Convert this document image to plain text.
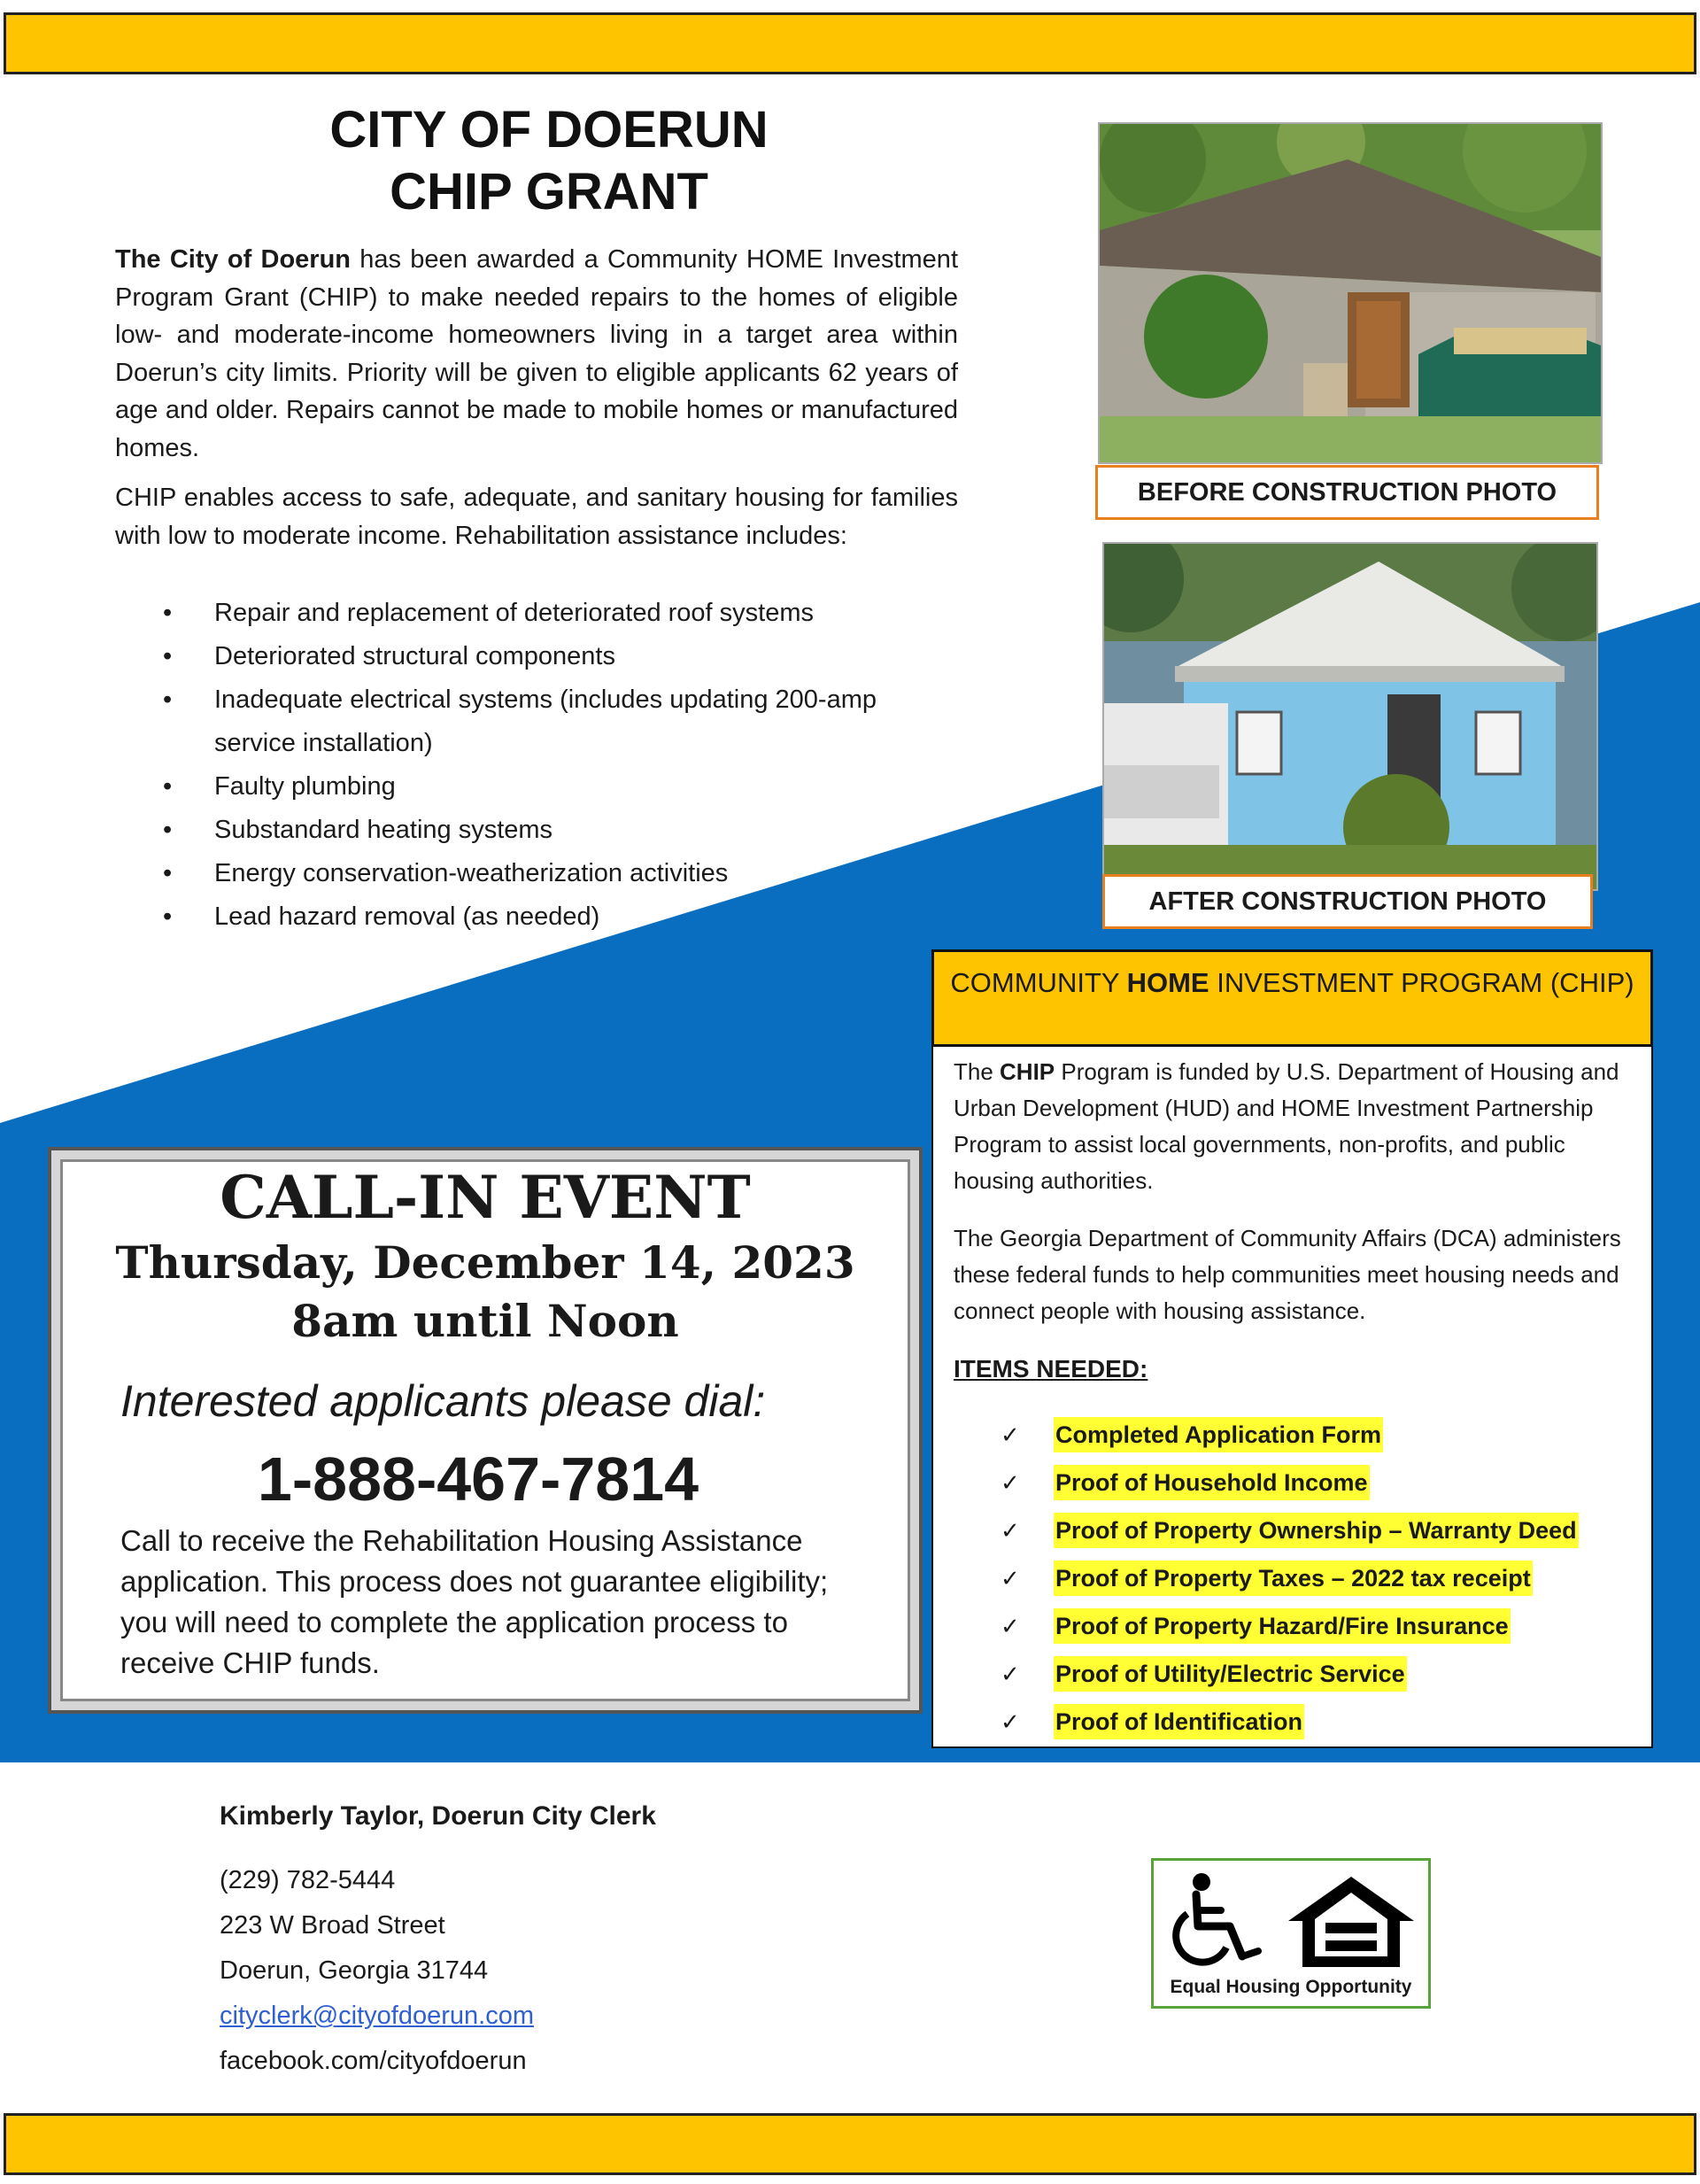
CITY OF DOERUN
CHIP GRANT

The City of Doerun has been awarded a Community HOME Investment Program Grant (CHIP) to make needed repairs to the homes of eligible low- and moderate-income homeowners living in a target area within Doerun’s city limits. Priority will be given to eligible applicants 62 years of age and older. Repairs cannot be made to mobile homes or manufactured homes.

CHIP enables access to safe, adequate, and sanitary housing for families with low to moderate income. Rehabilitation assistance includes:

• Repair and replacement of deteriorated roof systems
• Deteriorated structural components
• Inadequate electrical systems (includes updating 200-amp service installation)
• Faulty plumbing
• Substandard heating systems
• Energy conservation-weatherization activities
• Lead hazard removal (as needed)
BEFORE CONSTRUCTION PHOTO
AFTER CONSTRUCTION PHOTO
COMMUNITY HOME INVESTMENT PROGRAM (CHIP)

The CHIP Program is funded by U.S. Department of Housing and Urban Development (HUD) and HOME Investment Partnership Program to assist local governments, non-profits, and public housing authorities.

The Georgia Department of Community Affairs (DCA) administers these federal funds to help communities meet housing needs and connect people with housing assistance.

ITEMS NEEDED:
✓ Completed Application Form
✓ Proof of Household Income
✓ Proof of Property Ownership – Warranty Deed
✓ Proof of Property Taxes – 2022 tax receipt
✓ Proof of Property Hazard/Fire Insurance
✓ Proof of Utility/Electric Service
✓ Proof of Identification
CALL-IN EVENT
Thursday, December 14, 2023
8am until Noon
Interested applicants please dial:
1-888-467-7814
Call to receive the Rehabilitation Housing Assistance application. This process does not guarantee eligibility; you will need to complete the application process to receive CHIP funds.
Kimberly Taylor, Doerun City Clerk
(229) 782-5444
223 W Broad Street
Doerun, Georgia 31744
cityclerk@cityofdoerun.com
facebook.com/cityofdoerun
Equal Housing Opportunity
